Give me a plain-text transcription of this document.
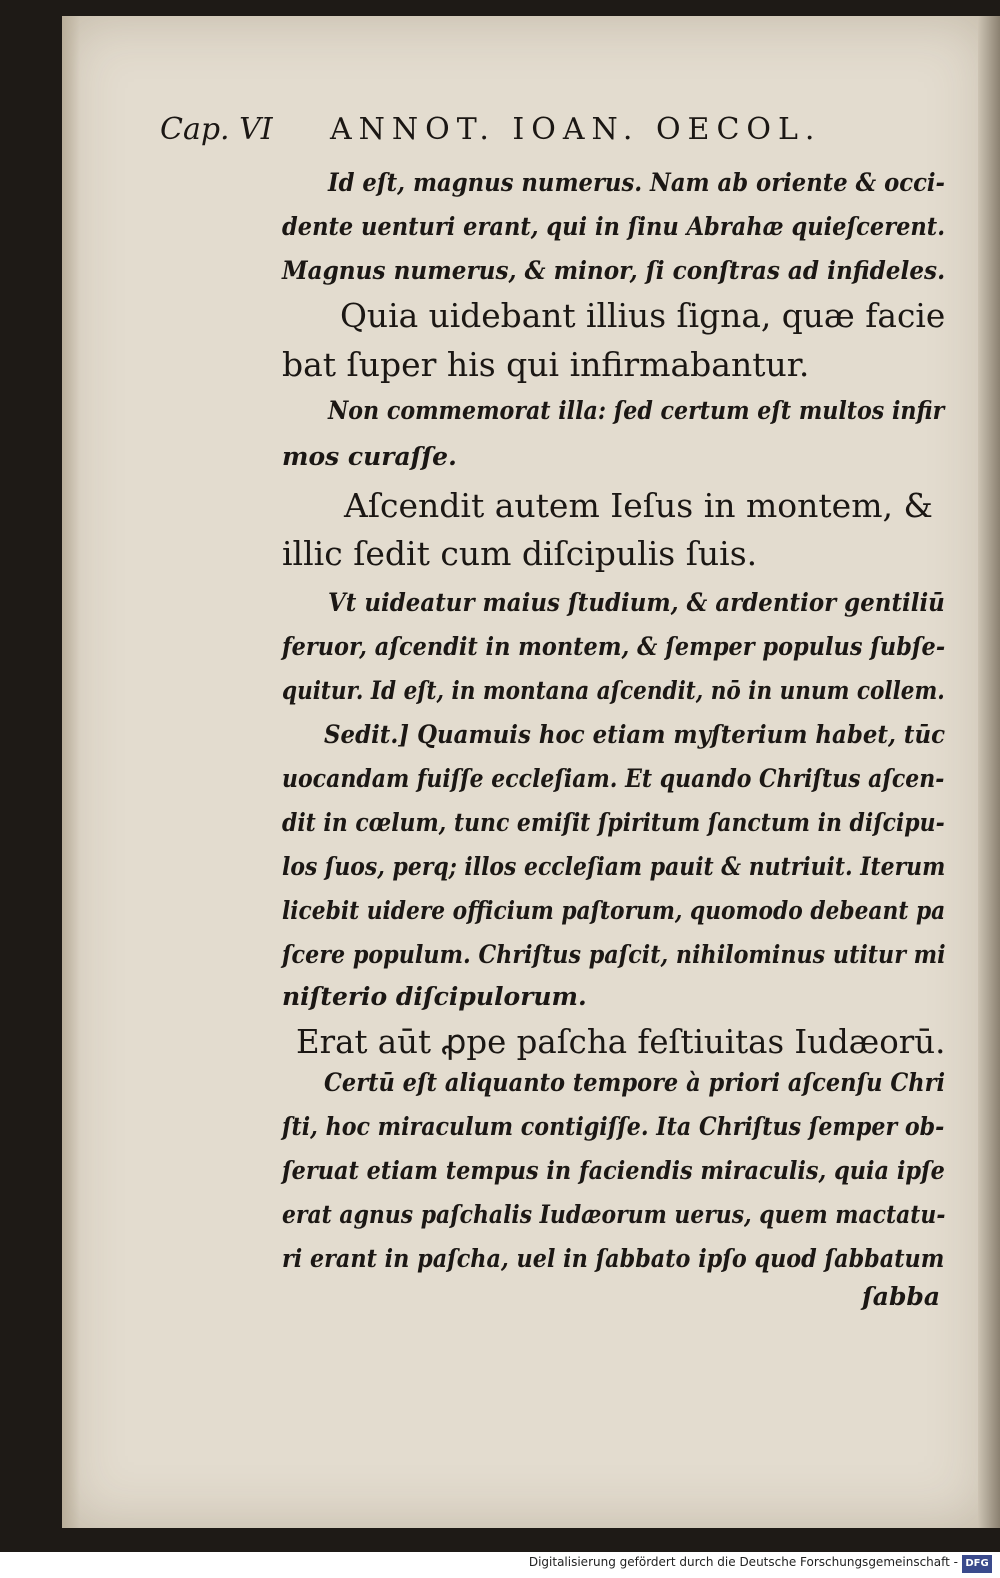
Cap. VI ANNOT. IOAN. OECOL.
Id eſt, magnus numerus. Nam ab oriente & occi-
dente uenturi erant, qui in ſinu Abrahæ quieſcerent.
Magnus numerus, & minor, ſi conſtras ad infideles.
Quia uidebant illius ſigna, quæ facie
bat ſuper his qui infirmabantur.
Non commemorat illa: ſed certum eſt multos infir
mos curaſſe.
Aſcendit autem Ieſus in montem, &
illic ſedit cum diſcipulis ſuis.
Vt uideatur maius ſtudium, & ardentior gentiliū
feruor, aſcendit in montem, & ſemper populus ſubſe-
quitur. Id eſt, in montana aſcendit, nō in unum collem.
Sedit.] Quamuis hoc etiam myſterium habet, tūc
uocandam fuiſſe eccleſiam. Et quando Chriſtus aſcen-
dit in cœlum, tunc emiſit ſpiritum ſanctum in diſcipu-
los ſuos, perq; illos eccleſiam pauit & nutriuit. Iterum
licebit uidere officium paſtorum, quomodo debeant pa
ſcere populum. Chriſtus paſcit, nihilominus utitur mi
niſterio diſcipulorum.
Erat aūt ꝓpe paſcha feſtiuitas Iudæorū.
Certū eſt aliquanto tempore à priori aſcenſu Chri
ſti, hoc miraculum contigiſſe. Ita Chriſtus ſemper ob-
ſeruat etiam tempus in faciendis miraculis, quia ipſe
erat agnus paſchalis Iudæorum uerus, quem mactatu-
ri erant in paſcha, uel in ſabbato ipſo quod ſabbatum
ſabba
Digitalisierung gefördert durch die Deutsche Forschungsgemeinschaft - DFG
